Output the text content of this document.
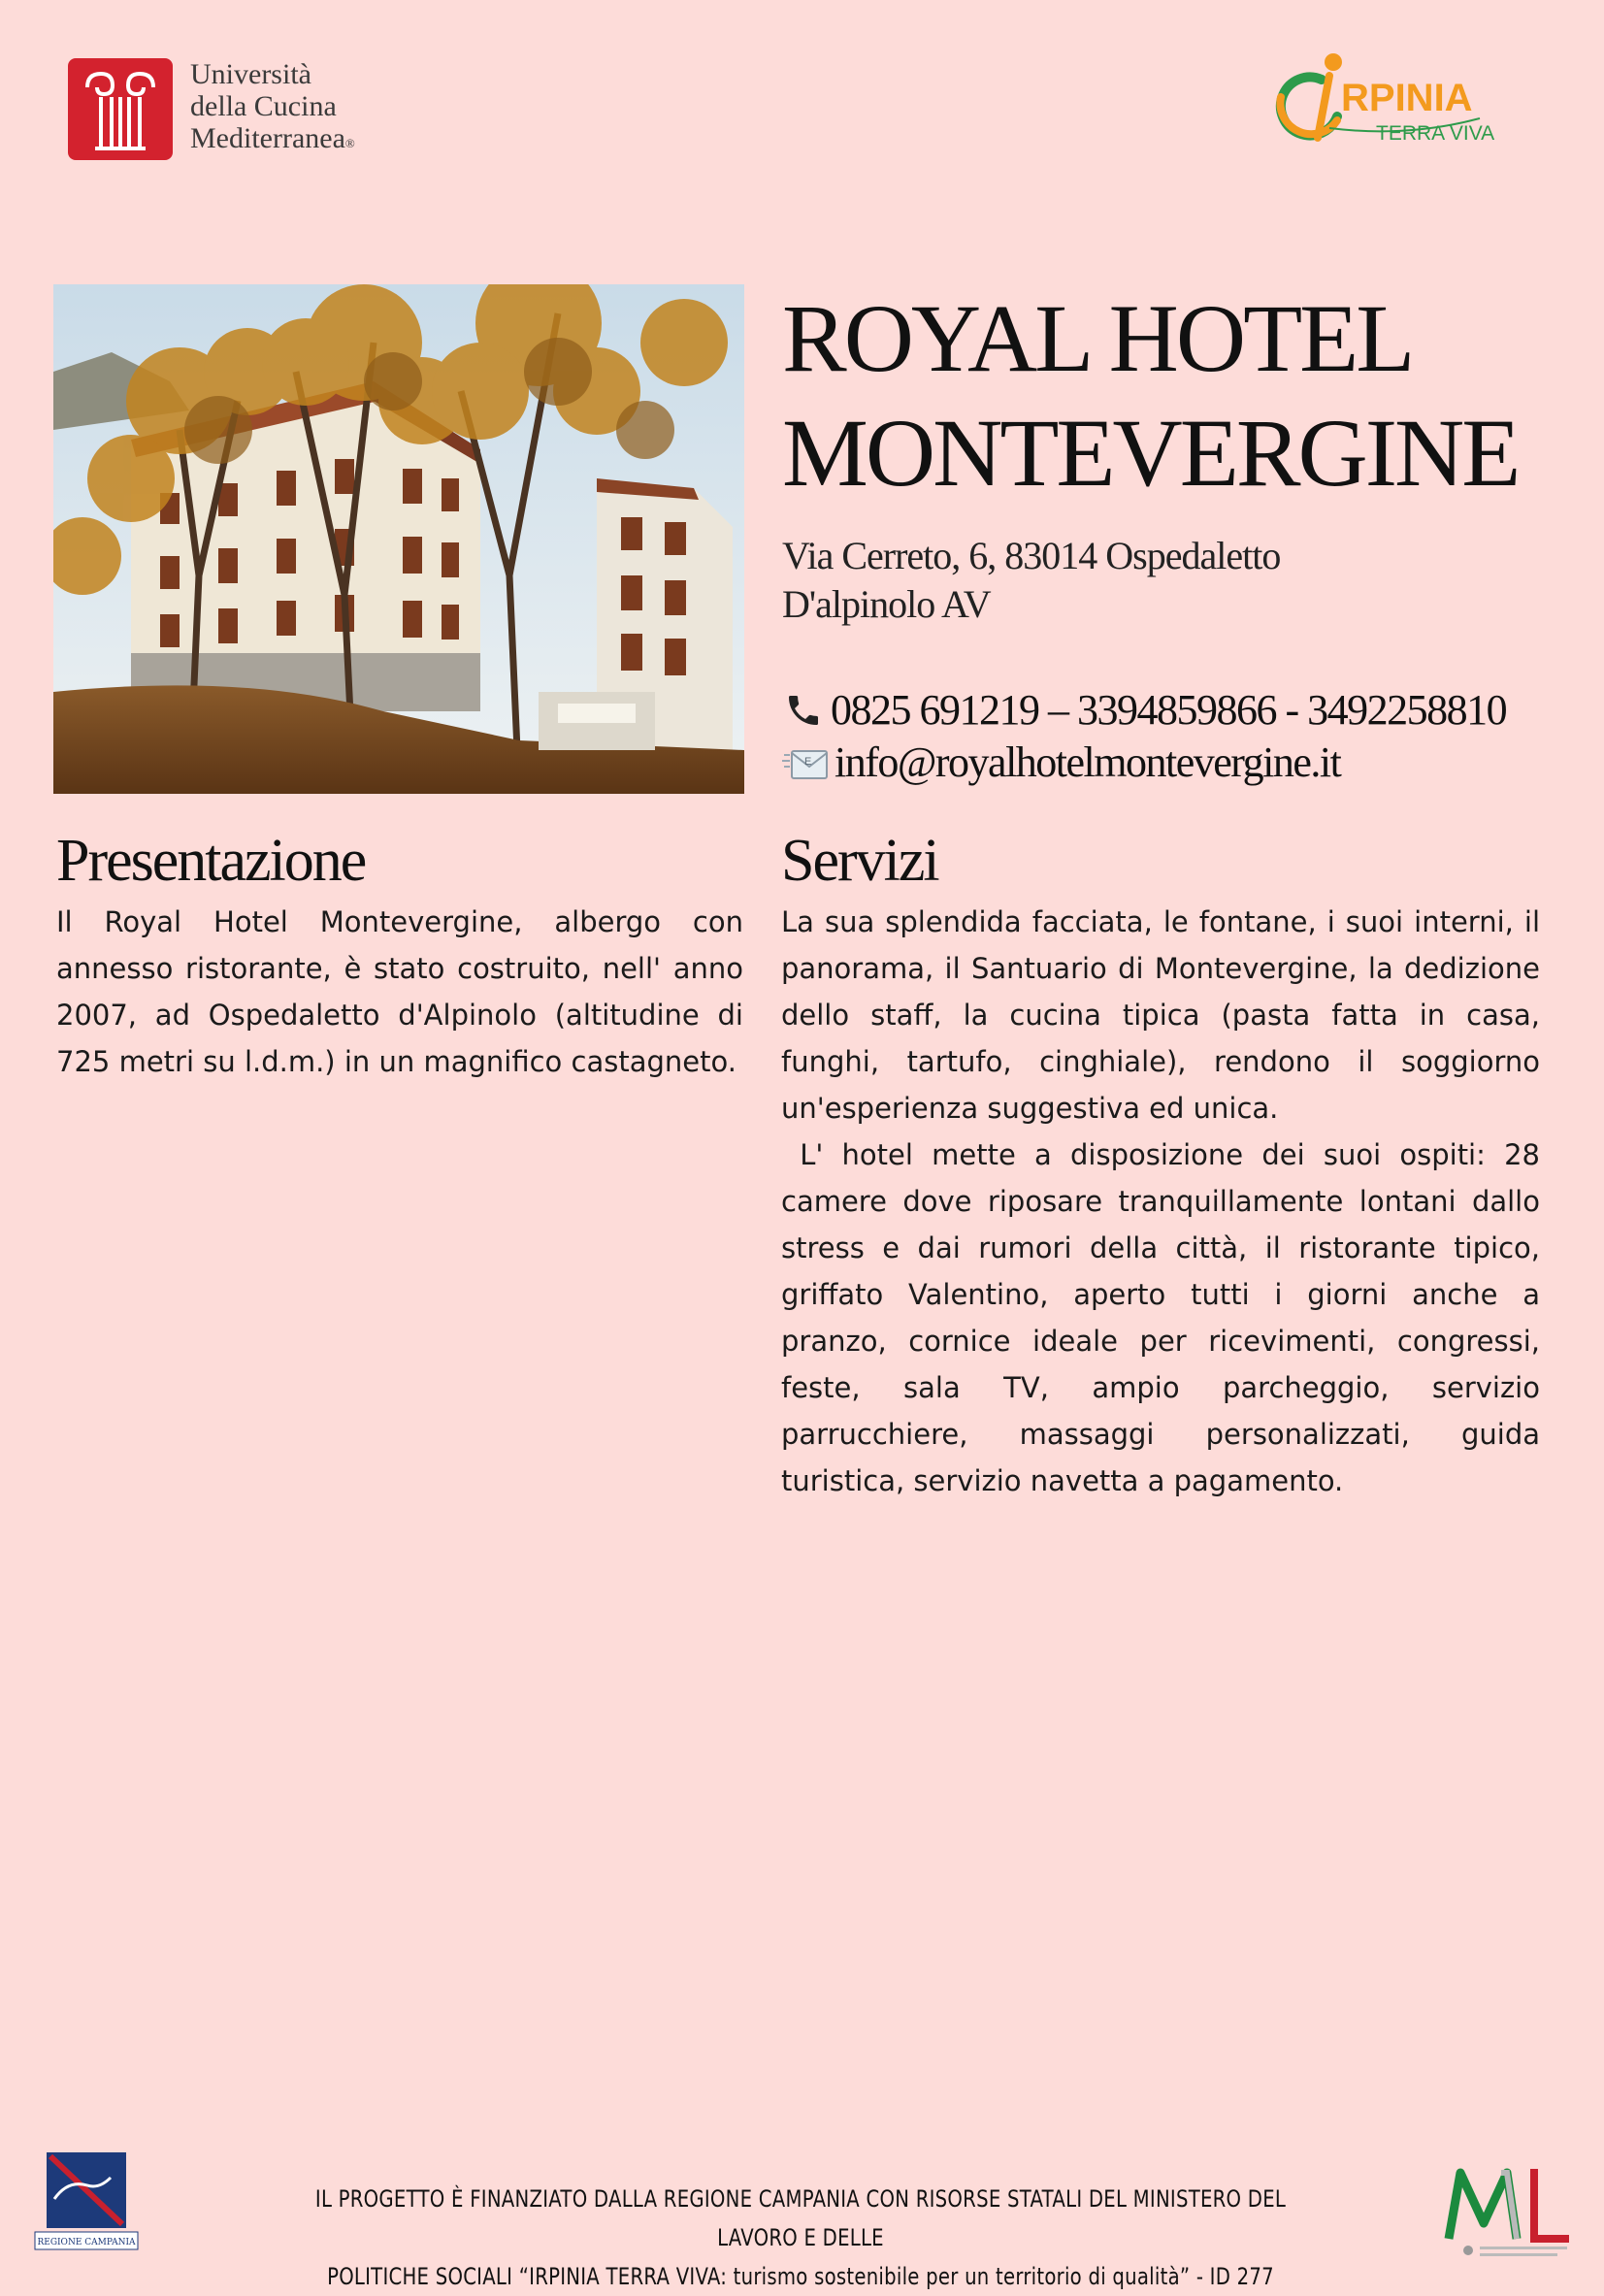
Università
della Cucina
Mediterranea®
RPINIA
TERRA VIVA
ROYAL HOTEL
MONTEVERGINE
Via Cerreto, 6, 83014 Ospedaletto
D'alpinolo AV
0825 691219 – 3394859866 - 3492258810
E info@royalhotelmontevergine.it
Presentazione
Il Royal Hotel Montevergine, albergo con annesso ristorante, è stato costruito, nell' anno 2007, ad Ospedaletto d'Alpinolo (altitudine di 725 metri su l.d.m.) in un magnifico castagneto.
Servizi

La sua splendida facciata, le fontane, i suoi interni, il panorama, il Santuario di Montevergine, la dedizione dello staff, la cucina tipica (pasta fatta in casa, funghi, tartufo, cinghiale), rendono il soggiorno un'esperienza suggestiva ed unica.

L' hotel mette a disposizione dei suoi ospiti: 28 camere dove riposare tranquillamente lontani dallo stress e dai rumori della città, il ristorante tipico, griffato Valentino, aperto tutti i giorni anche a pranzo, cornice ideale per ricevimenti, congressi, feste, sala TV, ampio parcheggio, servizio parrucchiere, massaggi personalizzati, guida turistica, servizio navetta a pagamento.

REGIONE CAMPANIA
IL PROGETTO È FINANZIATO DALLA REGIONE CAMPANIA CON RISORSE STATALI DEL MINISTERO DEL LAVORO E DELLE
POLITICHE SOCIALI “IRPINIA TERRA VIVA: turismo sostenibile per un territorio di qualità” - ID 277
